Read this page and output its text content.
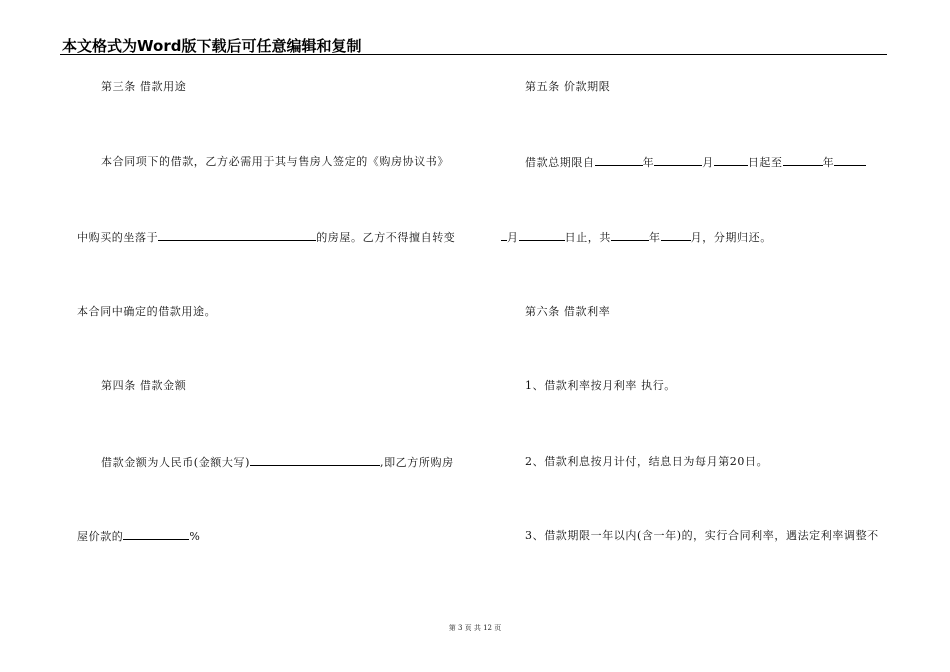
本文格式为Word版下载后可任意编辑和复制
第三条 借款用途
本合同项下的借款，乙方必需用于其与售房人签定的《购房协议书》
中购买的坐落于	的房屋。乙方不得擅自转变
本合同中确定的借款用途。
第四条 借款金额
借款金额为人民币(金额大写)	,即乙方所购房
屋价款的	%
第五条 价款期限
借款总期限自	年	月	日起至	年
月	日止，共	年	月，分期归还。
第六条 借款利率
1、借款利率按月利率 执行。
2、借款利息按月计付，结息日为每月第20日。
3、借款期限一年以内(含一年)的，实行合同利率，遇法定利率调整不
第 3 页 共 12 页
